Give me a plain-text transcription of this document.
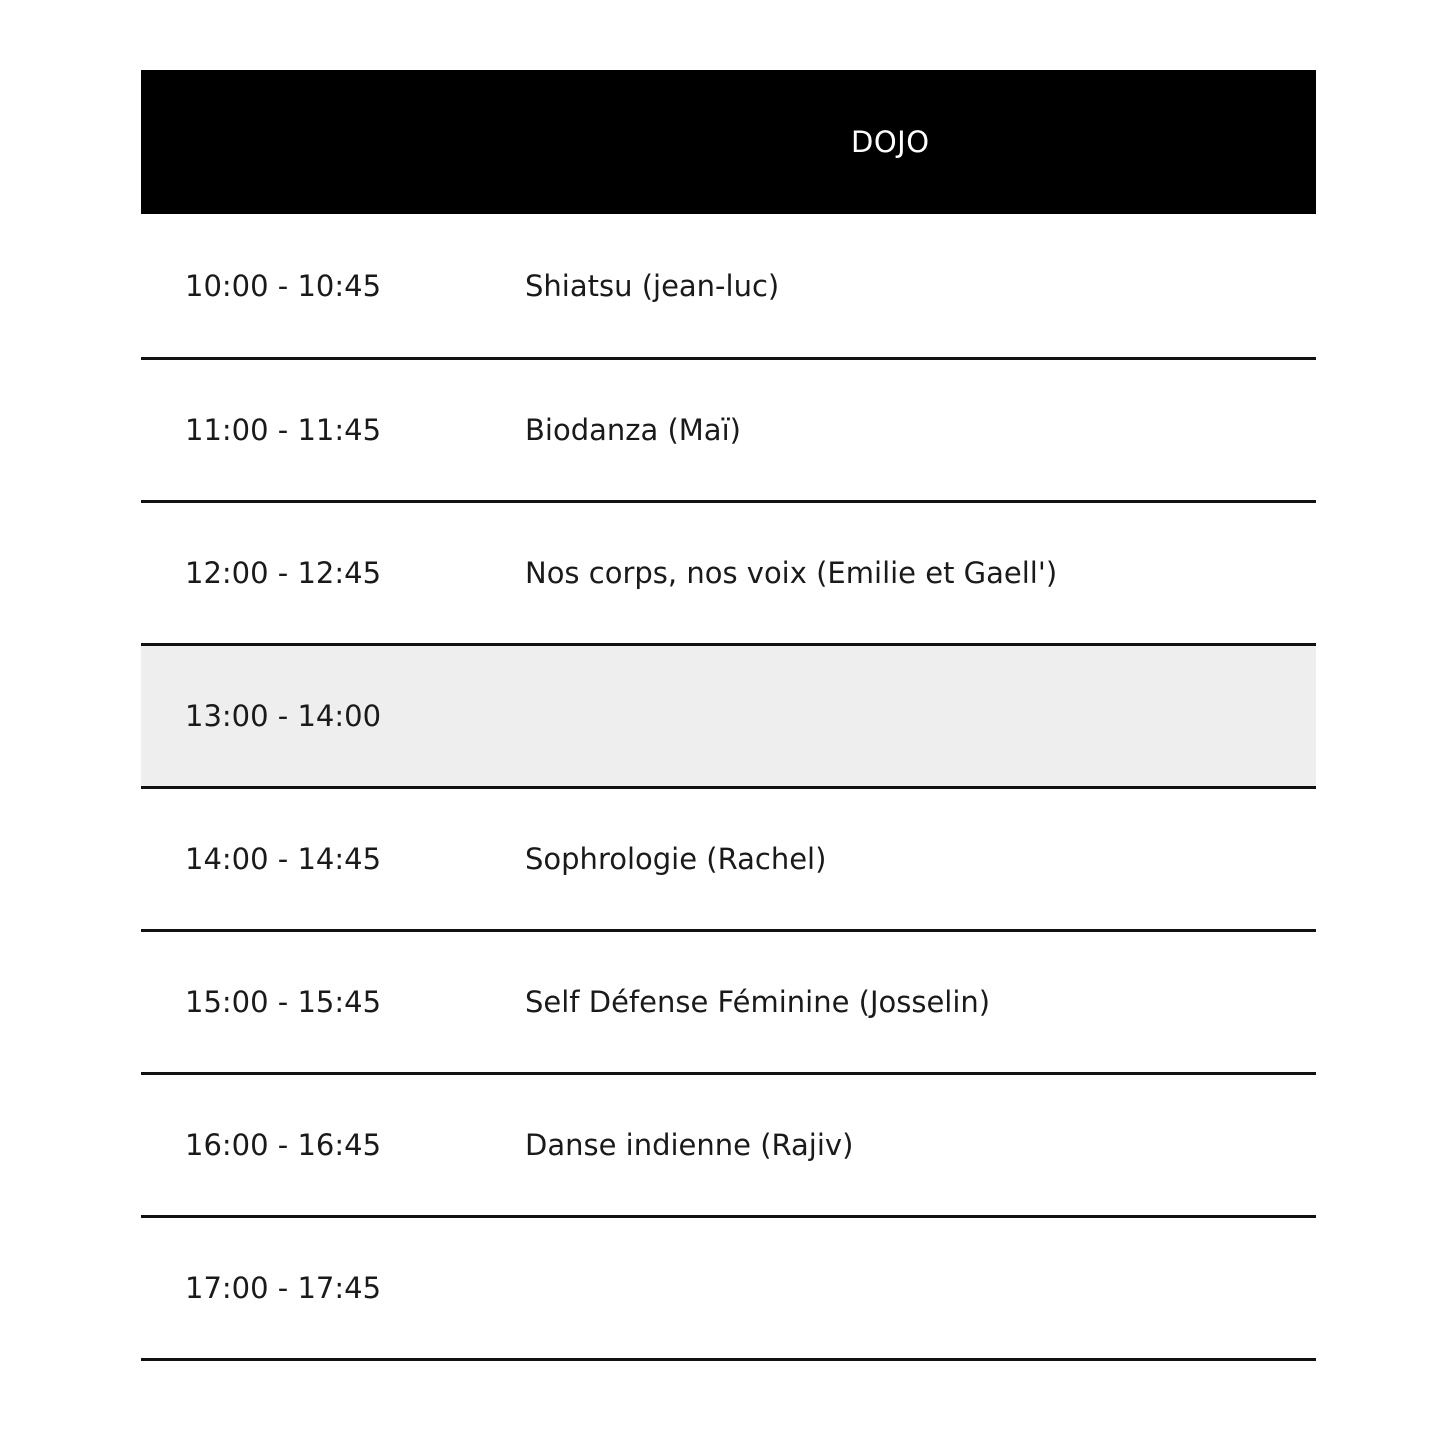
DOJO
10:00 - 10:45	Shiatsu (jean-luc)
11:00 - 11:45	Biodanza (Maï)
12:00 - 12:45	Nos corps, nos voix (Emilie et Gaell')
13:00 - 14:00
14:00 - 14:45	Sophrologie (Rachel)
15:00 - 15:45	Self Défense Féminine (Josselin)
16:00 - 16:45	Danse indienne (Rajiv)
17:00 - 17:45
